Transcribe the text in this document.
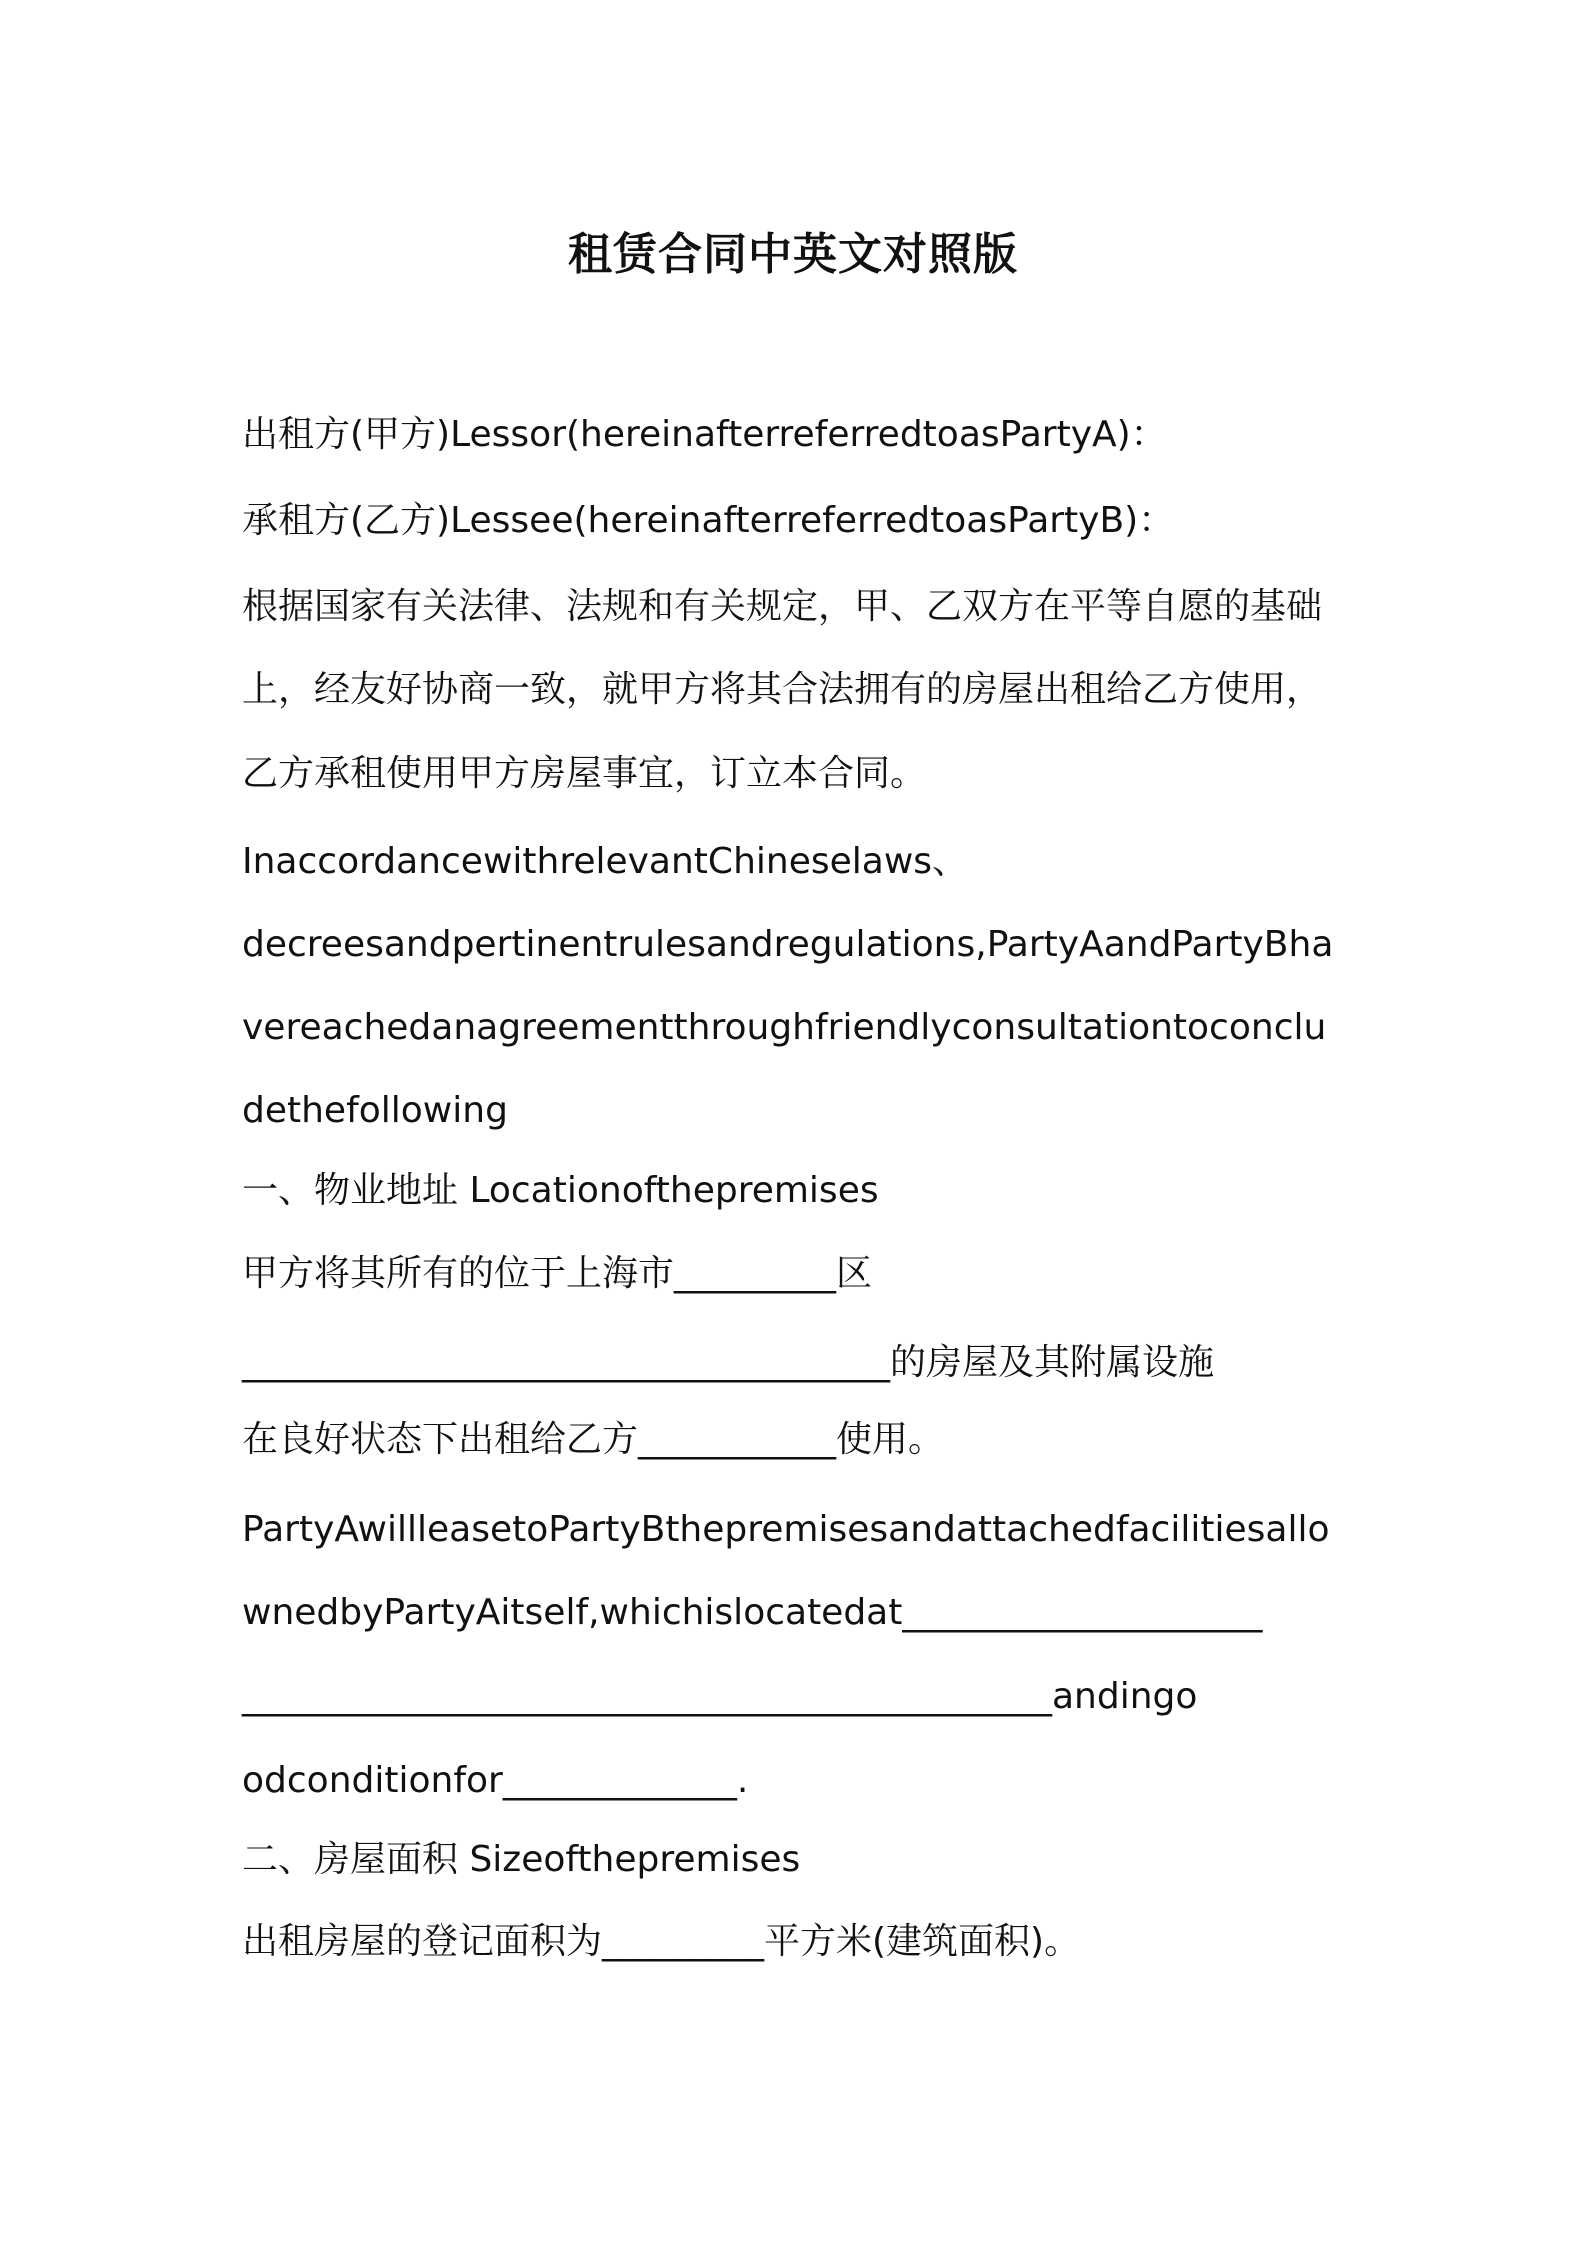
租赁合同中英文对照版
出租方(甲方)Lessor(hereinafterreferredtoasPartyA)：
承租方(乙方)Lessee(hereinafterreferredtoasPartyB)：
根据国家有关法律、法规和有关规定，甲、乙双方在平等自愿的基础
上，经友好协商一致，就甲方将其合法拥有的房屋出租给乙方使用，
乙方承租使用甲方房屋事宜，订立本合同。
InaccordancewithrelevantChineselaws、
decreesandpertinentrulesandregulations,PartyAandPartyBha
vereachedanagreementthroughfriendlyconsultationtoconclu
dethefollowing
一、物业地址 Locationofthepremises
甲方将其所有的位于上海市_________区
____________________________________的房屋及其附属设施
在良好状态下出租给乙方___________使用。
PartyAwillleasetoPartyBthepremisesandattachedfacilitiesallo
wnedbyPartyAitself,whichislocatedat____________________
_____________________________________________andingo
odconditionfor_____________.
二、房屋面积 Sizeofthepremises
出租房屋的登记面积为_________平方米(建筑面积)。
